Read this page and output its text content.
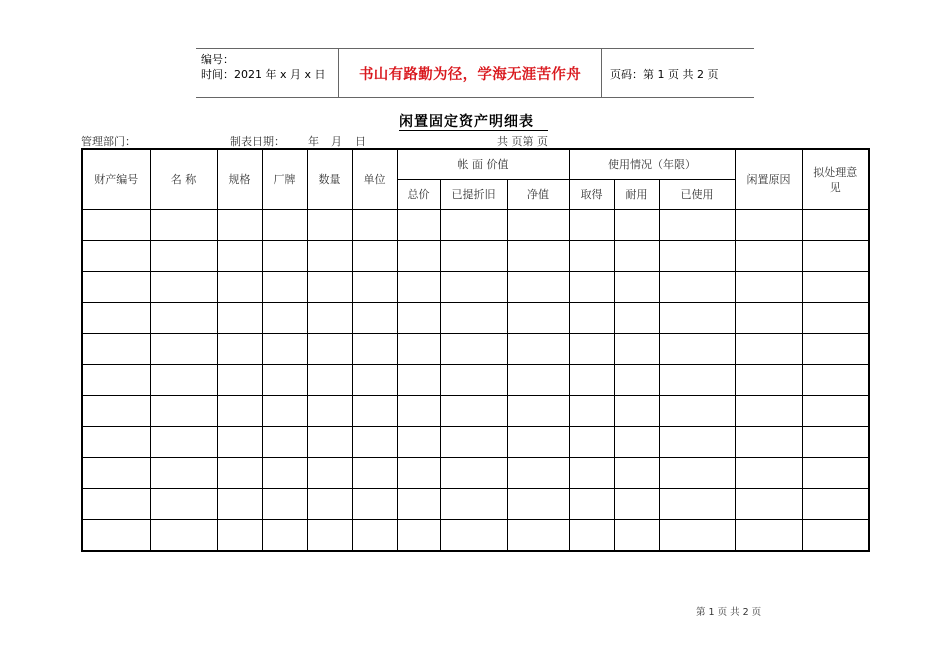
编号：
时间：2021 年 x 月 x 日	书山有路勤为径，学海无涯苦作舟	页码：第 1 页 共 2 页
闲置固定资产明细表
管理部门：	制表日期： 年 月 日	共 页第 页
财产编号	名 称	规格	厂牌	数量	单位	帐 面 价值			使用情况（年限）			闲置原因	拟处理意见
						总价	已提折旧	净值	取得	耐用	已使用		

第 1 页 共 2 页
